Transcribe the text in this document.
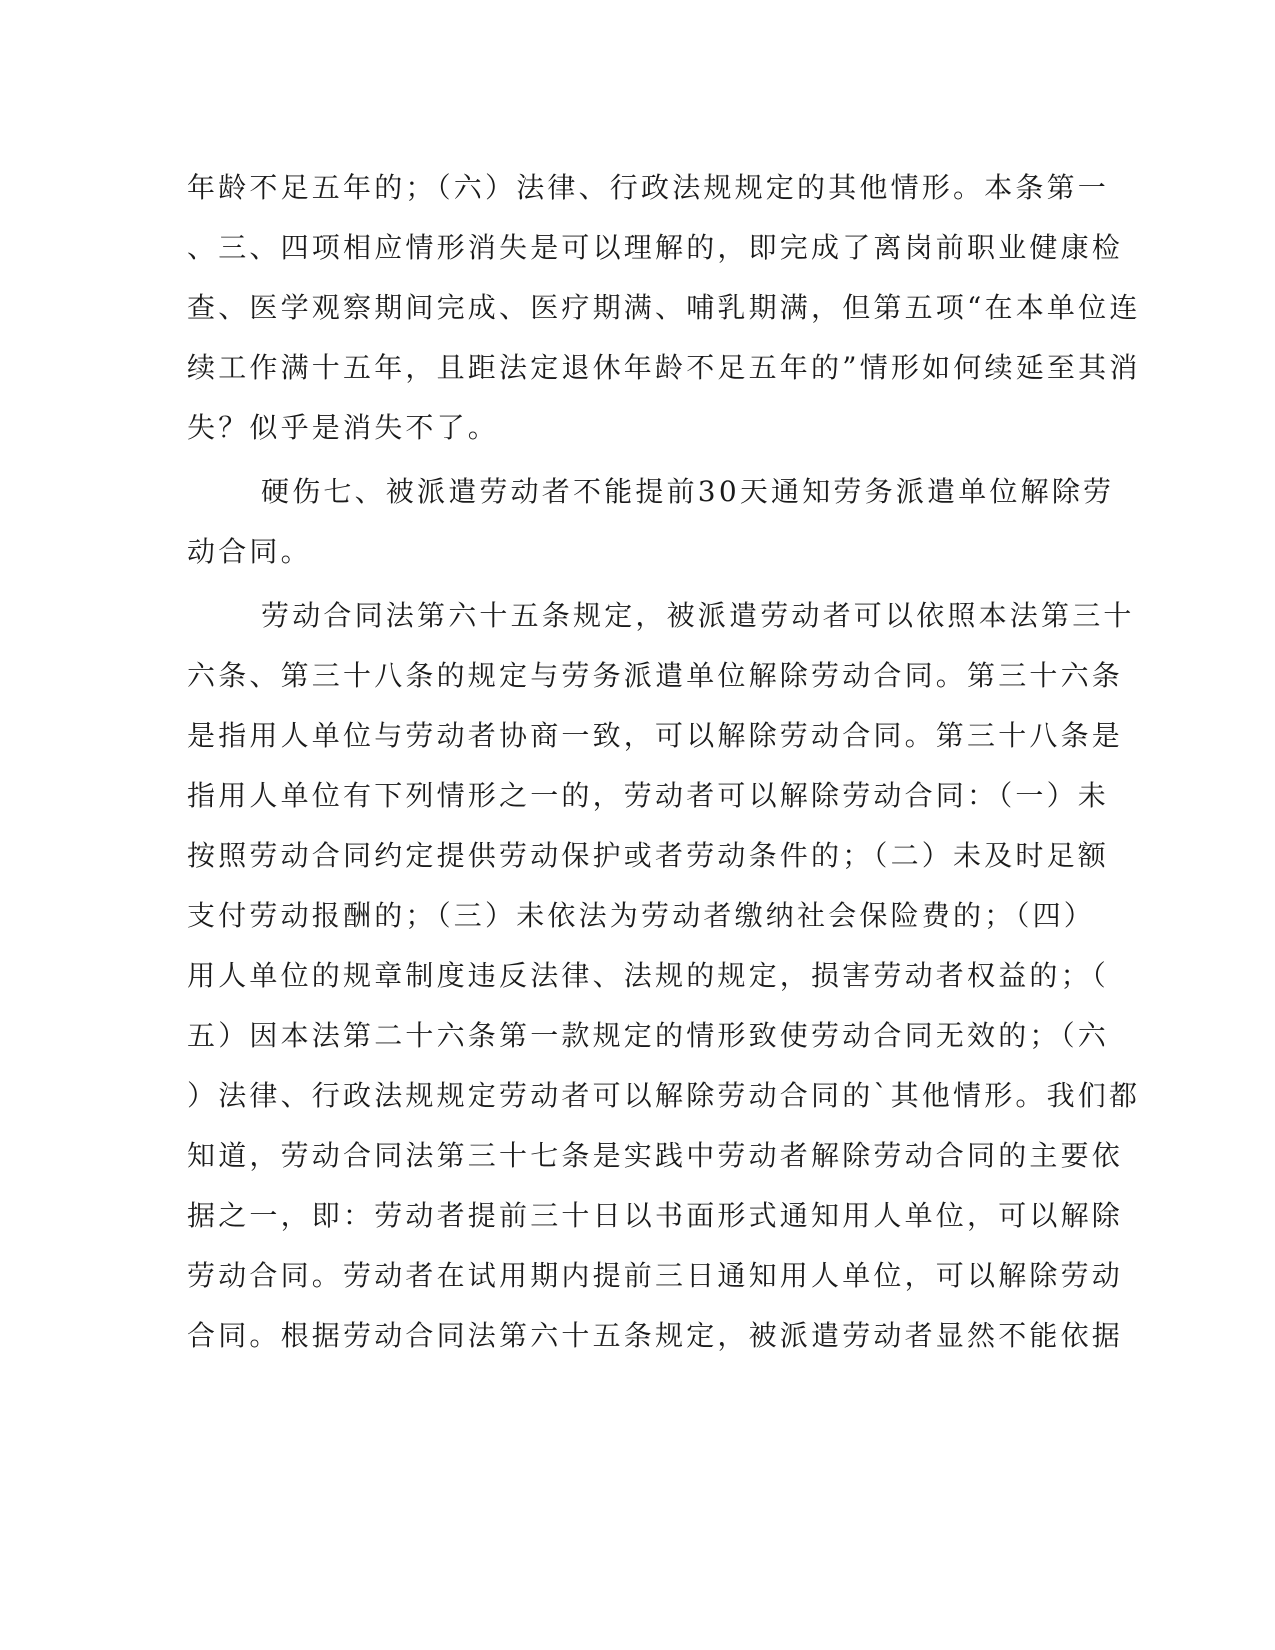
年龄不足五年的；（六）法律、行政法规规定的其他情形。本条第一
、三、四项相应情形消失是可以理解的，即完成了离岗前职业健康检
查、医学观察期间完成、医疗期满、哺乳期满，但第五项“在本单位连
续工作满十五年，且距法定退休年龄不足五年的”情形如何续延至其消
失？似乎是消失不了。
硬伤七、被派遣劳动者不能提前30天通知劳务派遣单位解除劳
动合同。
劳动合同法第六十五条规定，被派遣劳动者可以依照本法第三十
六条、第三十八条的规定与劳务派遣单位解除劳动合同。第三十六条
是指用人单位与劳动者协商一致，可以解除劳动合同。第三十八条是
指用人单位有下列情形之一的，劳动者可以解除劳动合同：（一）未
按照劳动合同约定提供劳动保护或者劳动条件的；（二）未及时足额
支付劳动报酬的；（三）未依法为劳动者缴纳社会保险费的；（四）
用人单位的规章制度违反法律、法规的规定，损害劳动者权益的；（
五）因本法第二十六条第一款规定的情形致使劳动合同无效的；（六
）法律、行政法规规定劳动者可以解除劳动合同的`其他情形。我们都
知道，劳动合同法第三十七条是实践中劳动者解除劳动合同的主要依
据之一，即：劳动者提前三十日以书面形式通知用人单位，可以解除
劳动合同。劳动者在试用期内提前三日通知用人单位，可以解除劳动
合同。根据劳动合同法第六十五条规定，被派遣劳动者显然不能依据
